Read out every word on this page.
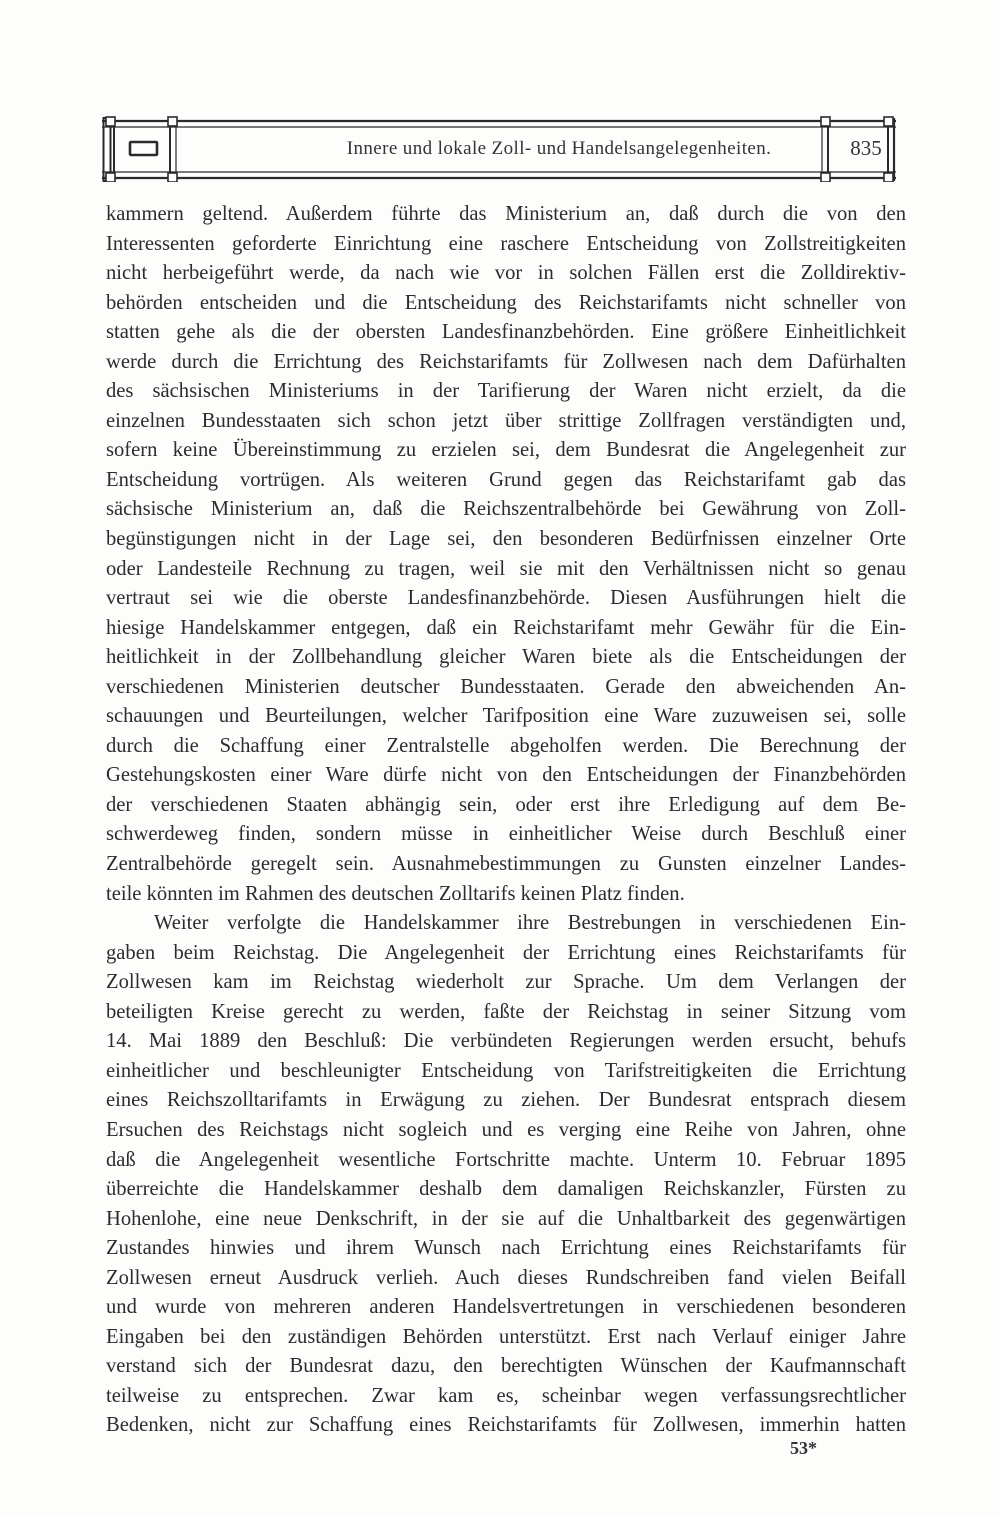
Innere und lokale Zoll- und Handelsangelegenheiten.	835
kammern geltend. Außerdem führte das Ministerium an, daß durch die von den
Interessenten geforderte Einrichtung eine raschere Entscheidung von Zollstreitigkeiten
nicht herbeigeführt werde, da nach wie vor in solchen Fällen erst die Zolldirektiv-
behörden entscheiden und die Entscheidung des Reichstarifamts nicht schneller von
statten gehe als die der obersten Landesfinanzbehörden. Eine größere Einheitlichkeit
werde durch die Errichtung des Reichstarifamts für Zollwesen nach dem Dafürhalten
des sächsischen Ministeriums in der Tarifierung der Waren nicht erzielt, da die
einzelnen Bundesstaaten sich schon jetzt über strittige Zollfragen verständigten und,
sofern keine Übereinstimmung zu erzielen sei, dem Bundesrat die Angelegenheit zur
Entscheidung vortrügen. Als weiteren Grund gegen das Reichstarifamt gab das
sächsische Ministerium an, daß die Reichszentralbehörde bei Gewährung von Zoll-
begünstigungen nicht in der Lage sei, den besonderen Bedürfnissen einzelner Orte
oder Landesteile Rechnung zu tragen, weil sie mit den Verhältnissen nicht so genau
vertraut sei wie die oberste Landesfinanzbehörde. Diesen Ausführungen hielt die
hiesige Handelskammer entgegen, daß ein Reichstarifamt mehr Gewähr für die Ein-
heitlichkeit in der Zollbehandlung gleicher Waren biete als die Entscheidungen der
verschiedenen Ministerien deutscher Bundesstaaten. Gerade den abweichenden An-
schauungen und Beurteilungen, welcher Tarifposition eine Ware zuzuweisen sei, solle
durch die Schaffung einer Zentralstelle abgeholfen werden. Die Berechnung der
Gestehungskosten einer Ware dürfe nicht von den Entscheidungen der Finanzbehörden
der verschiedenen Staaten abhängig sein, oder erst ihre Erledigung auf dem Be-
schwerdeweg finden, sondern müsse in einheitlicher Weise durch Beschluß einer
Zentralbehörde geregelt sein. Ausnahmebestimmungen zu Gunsten einzelner Landes-
teile könnten im Rahmen des deutschen Zolltarifs keinen Platz finden.
Weiter verfolgte die Handelskammer ihre Bestrebungen in verschiedenen Ein-
gaben beim Reichstag. Die Angelegenheit der Errichtung eines Reichstarifamts für
Zollwesen kam im Reichstag wiederholt zur Sprache. Um dem Verlangen der
beteiligten Kreise gerecht zu werden, faßte der Reichstag in seiner Sitzung vom
14. Mai 1889 den Beschluß: Die verbündeten Regierungen werden ersucht, behufs
einheitlicher und beschleunigter Entscheidung von Tarifstreitigkeiten die Errichtung
eines Reichszolltarifamts in Erwägung zu ziehen. Der Bundesrat entsprach diesem
Ersuchen des Reichstags nicht sogleich und es verging eine Reihe von Jahren, ohne
daß die Angelegenheit wesentliche Fortschritte machte. Unterm 10. Februar 1895
überreichte die Handelskammer deshalb dem damaligen Reichskanzler, Fürsten zu
Hohenlohe, eine neue Denkschrift, in der sie auf die Unhaltbarkeit des gegenwärtigen
Zustandes hinwies und ihrem Wunsch nach Errichtung eines Reichstarifamts für
Zollwesen erneut Ausdruck verlieh. Auch dieses Rundschreiben fand vielen Beifall
und wurde von mehreren anderen Handelsvertretungen in verschiedenen besonderen
Eingaben bei den zuständigen Behörden unterstützt. Erst nach Verlauf einiger Jahre
verstand sich der Bundesrat dazu, den berechtigten Wünschen der Kaufmannschaft
teilweise zu entsprechen. Zwar kam es, scheinbar wegen verfassungsrechtlicher
Bedenken, nicht zur Schaffung eines Reichstarifamts für Zollwesen, immerhin hatten
53*
